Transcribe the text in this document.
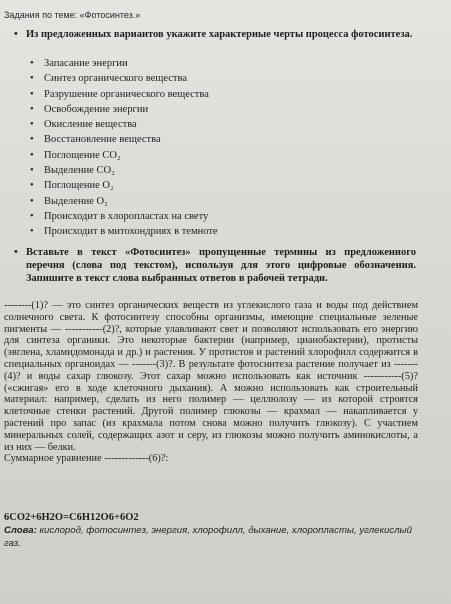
Задания по теме: «Фотосинтез.»
• Из предложенных вариантов укажите характерные черты процесса фотосинтеза.
• Запасание энергии
• Синтез органического вещества
• Разрушение органического вещества
• Освобождение энергии
• Окисление вещества
• Восстановление вещества
• Поглощение CO₂
• Выделение CO₂
• Поглощение O₂
• Выделение O₂
• Происходит в хлоропластах на свету
• Происходит в митохондриях в темноте
• Вставьте в текст «Фотосинтез» пропущенные термины из предложенного перечня (слова под текстом), используя для этого цифровые обозначения. Запишите в текст слова выбранных ответов в рабочей тетради.

--------(1)? — это синтез органических веществ из углекислого газа и воды под действием солнечного света. К фотосинтезу способны организмы, имеющие специальные зеленые пигменты — -----------(2)?, которые улавливают свет и позволяют использовать его энергию для синтеза органики. Это некоторые бактерии (например, цианобактерии), протисты (эвглена, хламидомонада и др.) и растения. У протистов и растений хлорофилл содержится в специальных органоидах — -------(3)?. В результате фотосинтеза растение получает из ------- (4)? и воды сахар глюкозу. Этот сахар можно использовать как источник -----------(5)? («сжигая» его в ходе клеточного дыхания). А можно использовать как строительный материал: например, сделать из него полимер — целлюлозу — из которой строятся клеточные стенки растений. Другой полимер глюкозы — крахмал — накапливается у растений про запас (из крахмала потом снова можно получить глюкозу). С участием минеральных солей, содержащих азот и серу, из глюкозы можно получить аминокислоты, а из них — белки.

Суммарное уравнение -------------(6)?:

6CO2+6H2O=C6H12O6+6O2
Слова: кислород, фотосинтез, энергия, хлорофилл, дыхание, хлоропласты, углекислый газ.
